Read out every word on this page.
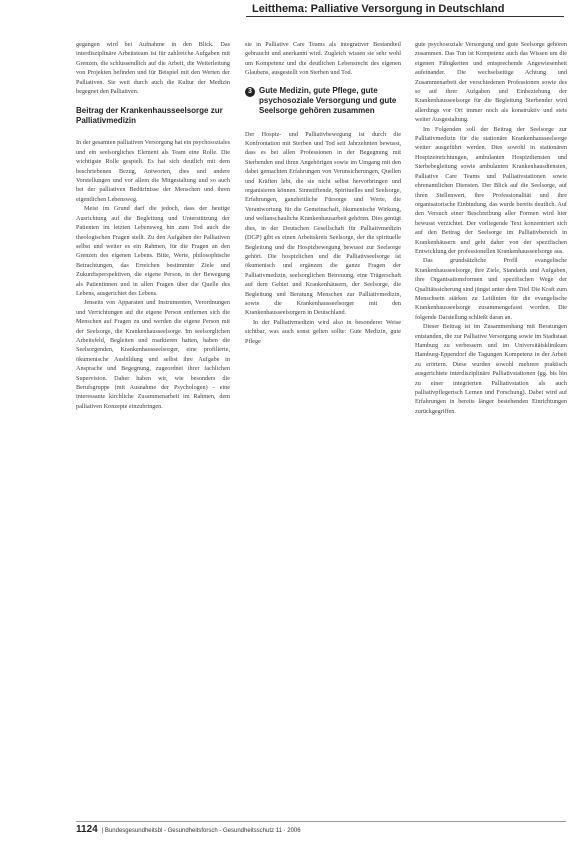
Leitthema: Palliative Versorgung in Deutschland

gegangen wird bei Aufnahme in den Blick. Das interdisziplinäre Arbeitsteam ist für zahlreiche Aufgaben mit Grenzen, die schlussendlich auf die Arbeit, die Weiterleitung von Projekten befinden und für Beispiel mit den Werten der Palliativen. Sie weit durch auch die Kultur der Medizin begegnet den Palliativen.

Beitrag der Krankenhausseelsorge zur Palliativmedizin

In der gesamten palliativen Versorgung hat ein psychosoziales und ein seelsorgliches Element als Team eine Rolle. Die wichtigste Rolle gespielt. Es hat sich deutlich mit dem beschriebenen Bezug, Antworten, dies und andere Vorstellungen und vor allem die Mitgestaltung und so auch bei der palliativen Bedürfnisse der Menschen und ihren eigentlichen Lebensweg.

Meist im Grund darf die jedoch, dass der heutige Ausrichtung auf die Begleitung und Unterstützung der Patienten im letzten Lebensweg hin zum Tod auch die theologischen Fragen stellt. Zu den Aufgaben der Palliativen selbst und weiter es ein Rahmen, für die Fragen an den Grenzen des eigenen Lebens. Bitte, Werte, philosophische Betrachtungen, das Erreichen bestimmter Ziele und Zukunftsperspektiven, die eigene Person, in der Bewegung als Patientinnen und in allen Fragen über die Quelle des Lebens, ausgerichtet des Lebens.

Jenseits von Apparaten und Instrumenten, Verordnungen und Verrichtungen auf die eigene Person entfernen sich die Menschen auf Fragen zu und werden die eigene Person mit der Seelsorge, die Krankenhausseelsorge. Im seelsorglichen Arbeitsfeld, Begleiten und markieren hatten, haben die Seelsorgenden, Krankenhausseelsorger, eine profilierte, ökumenische Ausbildung und selbst ihre Aufgabe in Ansprache und Begegnung, zugeordnet ihrer fachlichen Supervision. Daher haben wir, wie besonders die Berufsgruppe (mit Ausnahme der Psychologen) - eine interessante kirchliche Zusammenarbeit im Rahmen, dem palliativen Konzepte einzubringen.

sie in Palliative Care Teams als integrativer Bestandteil gebraucht und anerkannt wird. Zugleich wissen sie sehr wohl um Kompetenz und die deutlichen Lebensrecht des eigenen Glaubens, ausgestellt von Sterben und Tod.

3 Gute Medizin, gute Pflege, gute psychosoziale Versorgung und gute Seelsorge gehören zusammen

Der Hospiz- und Palliativbewegung ist durch die Konfrontation mit Sterben und Tod seit Jahrzehnten bewusst, dass es bei allen Professionen in der Begegnung mit Sterbenden und ihren Angehörigen sowie im Umgang mit den dabei gemachten Erfahrungen von Verunsicherungen, Quellen und Kräften lebt, die sie nicht selbst hervorbringen und organisieren können. Sinnstiftende, Spirituelles und Seelsorge, Erfahrungen, ganzheitliche Fürsorge und Werte, die Verantwortung für die Gemeinschaft, ökumenische Wirkung, und weltanschauliche Krankenhausarbeit gehören. Dies genügt dies, in der Deutschen Gesellschaft für Palliativmedizin (DGP) gibt es einen Arbeitskreis Seelsorge, der die spirituelle Begleitung und die Hospizbewegung bewusst zur Seelsorge gehört. Die hospizlichen und die Palliativseelsorge ist ökumenisch und ergänzen die ganze Fragen der Palliativmedizin, seelsorglichen Betreuung, eine Trägerschaft auf dem Gebiet und Krankenhäusern, der Seelsorge, die Begleitung und Beratung Menschen zur Palliativmedizin, sowie die Krankenhausseelsorger mit den Krankenhausseelsorgern in Deutschland.

In der Palliativmedizin wird also in besonderer Weise sichtbar, was auch sonst gelten sollte: Gute Medizin, gute Pflege

gute psychosoziale Versorgung und gute Seelsorge gehören zusammen. Das Tun ist Kompetenz auch das Wissen um die eigenen Fähigkeiten und entsprechende Angewiesenheit aufeinander. Die wechselseitige Achtung und Zusammenarbeit der verschiedenen Professionen sowie des so auf ihrer Aufgaben und Einbeziehung der Krankenhausseelsorge für die Begleitung Sterbender wird allerdings vor Ort immer noch als konstruktiv und stets weiter Ausgestaltung.

Im Folgenden soll der Beitrag der Seelsorge zur Palliativmedizin für die stationäre Krankenhausseelsorge weiter ausgeführt werden. Dies sowohl in stationären Hospizeinrichtungen, ambulanten Hospizdiensten und Sterbebegleitung sowie ambulanten Krankenhausdiensten, Palliative Care Teams und Palliativstationen sowie ehrenamtlichen Diensten. Der Blick auf die Seelsorge, auf ihren Stellenwert, ihre Professionalität und ihre organisatorische Einbindung, das wurde bereits deutlich. Auf den Versuch einer Beschreibung aller Formen wird hier bewusst verzichtet. Der vorliegende Text konzentriert sich auf den Beitrag der Seelsorge im Palliativbereich in Krankenhäusern und geht daher von der spezifischen Entwicklung der professionellen Krankenhausseelsorge aus.

Das grundsätzliche Profil evangelische Krankenhausseelsorge, ihre Ziele, Standards und Aufgaben, ihre Organisationsformen und spezifischen Wege der Qualitätssicherung sind jüngst unter dem Titel Die Kraft zum Menschsein stärken zu Leitlinien für die evangelische Krankenhausseelsorge zusammengefasst worden. Die folgende Darstellung schließt daran an.

Dieser Beitrag ist im Zusammenhang mit Beratungen entstanden, die zur Palliative Versorgung sowie im Stadtstaat Hamburg zu verbessern und im Universitätsklinikum Hamburg-Eppendorf die Tagungen Kompetenz in der Arbeit zu erörtern. Diese wurden sowohl mehrere praktisch ausgerichtete interdisziplinäre Palliativstationen (gg. bis hin zu einer integrierten Palliativstation als auch palliativpflegerisch Lernen und Forschung). Dabei wird auf Erfahrungen in bereits länger bestehenden Einrichtungen zurückgegriffen.

1124 | Bundesgesundheitsbl - Gesundheitsforsch - Gesundheitsschutz 11 · 2006
